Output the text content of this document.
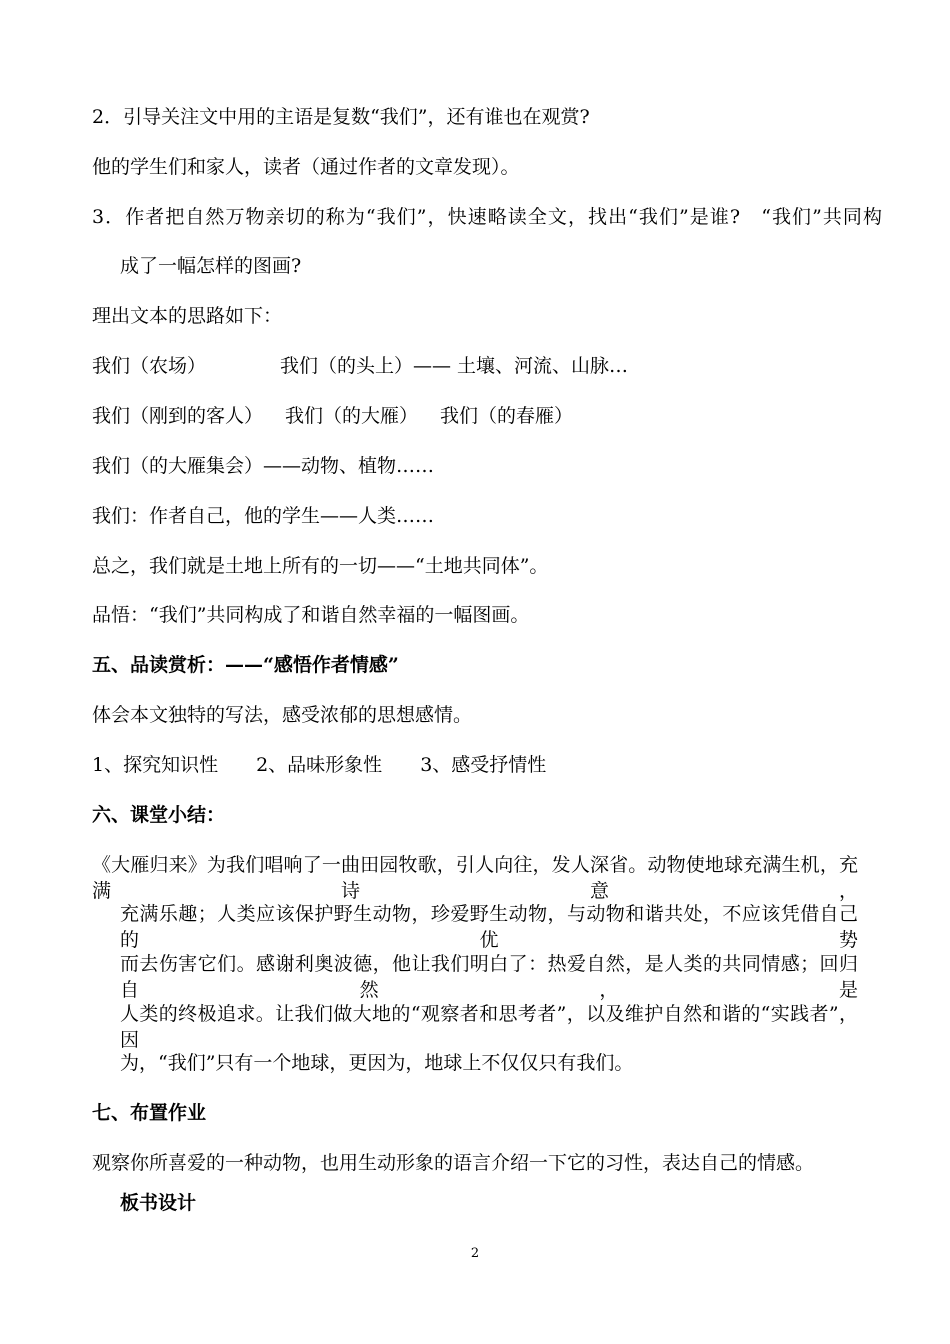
2．引导关注文中用的主语是复数“我们”，还有谁也在观赏?
他的学生们和家人，读者（通过作者的文章发现）。
3．作者把自然万物亲切的称为“我们”，快速略读全文，找出“我们”是谁?　“我们”共同构
成了一幅怎样的图画?
理出文本的思路如下：
我们（农场）	我们（的头上）—— 土壤、河流、山脉…
我们（刚到的客人） 我们（的大雁） 我们（的春雁）
我们（的大雁集会）——动物、植物……
我们：作者自己，他的学生——人类……
总之，我们就是土地上所有的一切——“土地共同体”。
品悟：“我们”共同构成了和谐自然幸福的一幅图画。
五、品读赏析：——“感悟作者情感”
体会本文独特的写法，感受浓郁的思想感情。
1、探究知识性 2、品味形象性 3、感受抒情性
六、课堂小结：
《大雁归来》为我们唱响了一曲田园牧歌，引人向往，发人深省。动物使地球充满生机，充满诗意，
充满乐趣；人类应该保护野生动物，珍爱野生动物，与动物和谐共处，不应该凭借自己的优势
而去伤害它们。感谢利奥波德，他让我们明白了：热爱自然，是人类的共同情感；回归自然，是
人类的终极追求。让我们做大地的“观察者和思考者”，以及维护自然和谐的“实践者”，因
为，“我们”只有一个地球，更因为，地球上不仅仅只有我们。
七、布置作业
观察你所喜爱的一种动物，也用生动形象的语言介绍一下它的习性，表达自己的情感。
板书设计
2
